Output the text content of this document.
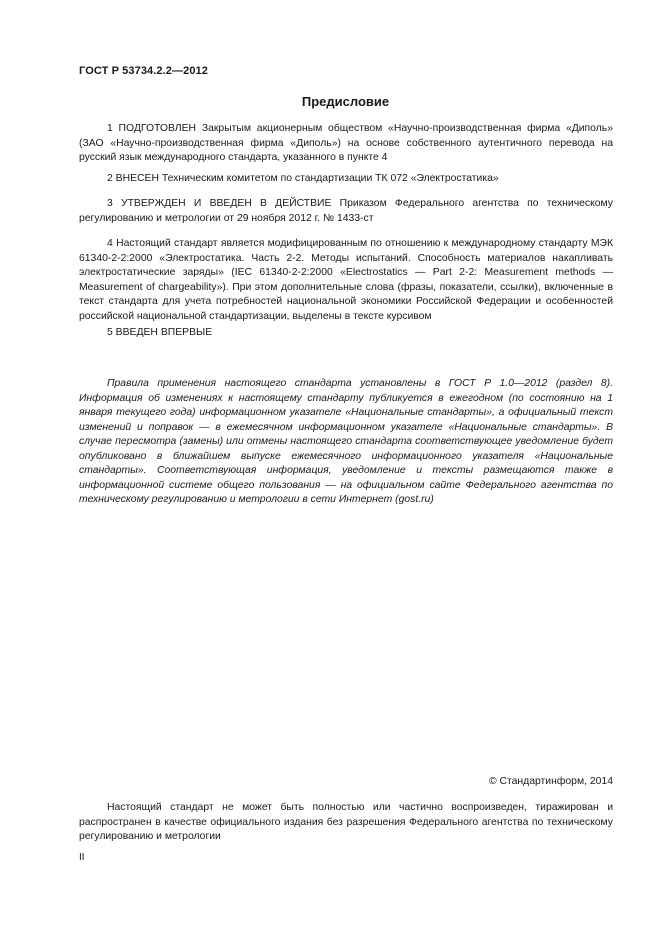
ГОСТ Р 53734.2.2—2012
Предисловие

1 ПОДГОТОВЛЕН Закрытым акционерным обществом «Научно-производственная фирма «Диполь» (ЗАО «Научно-производственная фирма «Диполь») на основе собственного аутентичного перевода на русский язык международного стандарта, указанного в пункте 4

2 ВНЕСЕН Техническим комитетом по стандартизации ТК 072 «Электростатика»

3 УТВЕРЖДЕН И ВВЕДЕН В ДЕЙСТВИЕ Приказом Федерального агентства по техническому регулированию и метрологии от 29 ноября 2012 г. № 1433-ст

4 Настоящий стандарт является модифицированным по отношению к международному стандарту МЭК 61340-2-2:2000 «Электростатика. Часть 2-2. Методы испытаний. Способность материалов накапливать электростатические заряды» (IEC 61340-2-2:2000 «Electrostatics — Part 2-2: Measurement methods — Measurement of chargeability»). При этом дополнительные слова (фразы, показатели, ссылки), включенные в текст стандарта для учета потребностей национальной экономики Российской Федерации и особенностей российской национальной стандартизации, выделены в тексте курсивом

5 ВВЕДЕН ВПЕРВЫЕ

Правила применения настоящего стандарта установлены в ГОСТ Р 1.0—2012 (раздел 8). Информация об изменениях к настоящему стандарту публикуется в ежегодном (по состоянию на 1 января текущего года) информационном указателе «Национальные стандарты», а официальный текст изменений и поправок — в ежемесячном информационном указателе «Национальные стандарты». В случае пересмотра (замены) или отмены настоящего стандарта соответствующее уведомление будет опубликовано в ближайшем выпуске ежемесячного информационного указателя «Национальные стандарты». Соответствующая информация, уведомление и тексты размещаются также в информационной системе общего пользования — на официальном сайте Федерального агентства по техническому регулированию и метрологии в сети Интернет (gost.ru)

© Стандартинформ, 2014

Настоящий стандарт не может быть полностью или частично воспроизведен, тиражирован и распространен в качестве официального издания без разрешения Федерального агентства по техническому регулированию и метрологии

II
